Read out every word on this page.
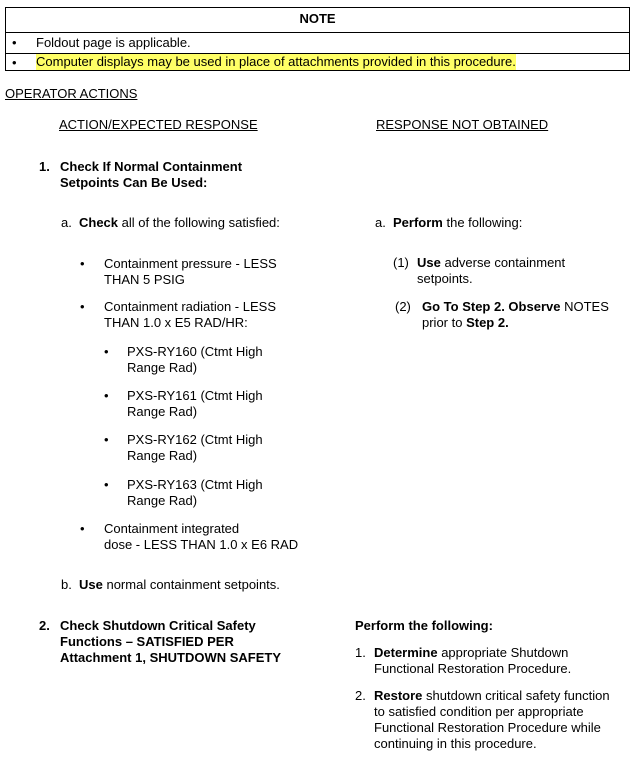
NOTE
• Foldout page is applicable.
• Computer displays may be used in place of attachments provided in this procedure.
OPERATOR ACTIONS
ACTION/EXPECTED RESPONSE	RESPONSE NOT OBTAINED
1. Check If Normal Containment
Setpoints Can Be Used:
a. Check all of the following satisfied:
• Containment pressure - LESS
THAN 5 PSIG
• Containment radiation - LESS
THAN 1.0 x E5 RAD/HR:
• PXS-RY160 (Ctmt High
Range Rad)
• PXS-RY161 (Ctmt High
Range Rad)
• PXS-RY162 (Ctmt High
Range Rad)
• PXS-RY163 (Ctmt High
Range Rad)
• Containment integrated
dose - LESS THAN 1.0 x E6 RAD
b. Use normal containment setpoints.
a. Perform the following:
(1) Use adverse containment
setpoints.
(2) Go To Step 2. Observe NOTES
prior to Step 2.
2. Check Shutdown Critical Safety
Functions – SATISFIED PER
Attachment 1, SHUTDOWN SAFETY
Perform the following:
1. Determine appropriate Shutdown
Functional Restoration Procedure.
2. Restore shutdown critical safety function
to satisfied condition per appropriate
Functional Restoration Procedure while
continuing in this procedure.
